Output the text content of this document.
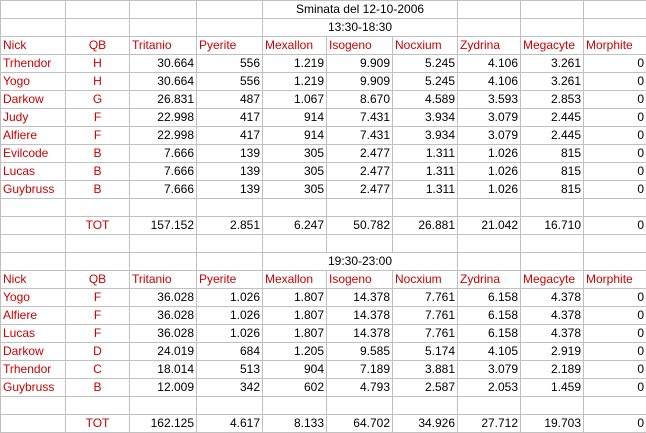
				Sminata del 12-10-2006					
				13:30-18:30					
Nick	QB	Tritanio	Pyerite	Mexallon	Isogeno	Nocxium	Zydrina	Megacyte	Morphite
Trhendor	H	30.664	556	1.219	9.909	5.245	4.106	3.261	0
Yogo	H	30.664	556	1.219	9.909	5.245	4.106	3.261	0
Darkow	G	26.831	487	1.067	8.670	4.589	3.593	2.853	0
Judy	F	22.998	417	914	7.431	3.934	3.079	2.445	0
Alfiere	F	22.998	417	914	7.431	3.934	3.079	2.445	0
Evilcode	B	7.666	139	305	2.477	1.311	1.026	815	0
Lucas	B	7.666	139	305	2.477	1.311	1.026	815	0
Guybruss	B	7.666	139	305	2.477	1.311	1.026	815	0

	TOT	157.152	2.851	6.247	50.782	26.881	21.042	16.710	0

				19:30-23:00					
Nick	QB	Tritanio	Pyerite	Mexallon	Isogeno	Nocxium	Zydrina	Megacyte	Morphite
Yogo	F	36.028	1.026	1.807	14.378	7.761	6.158	4.378	0
Alfiere	F	36.028	1.026	1.807	14.378	7.761	6.158	4.378	0
Lucas	F	36.028	1.026	1.807	14.378	7.761	6.158	4.378	0
Darkow	D	24.019	684	1.205	9.585	5.174	4.105	2.919	0
Trhendor	C	18.014	513	904	7.189	3.881	3.079	2.189	0
Guybruss	B	12.009	342	602	4.793	2.587	2.053	1.459	0

	TOT	162.125	4.617	8.133	64.702	34.926	27.712	19.703	0
